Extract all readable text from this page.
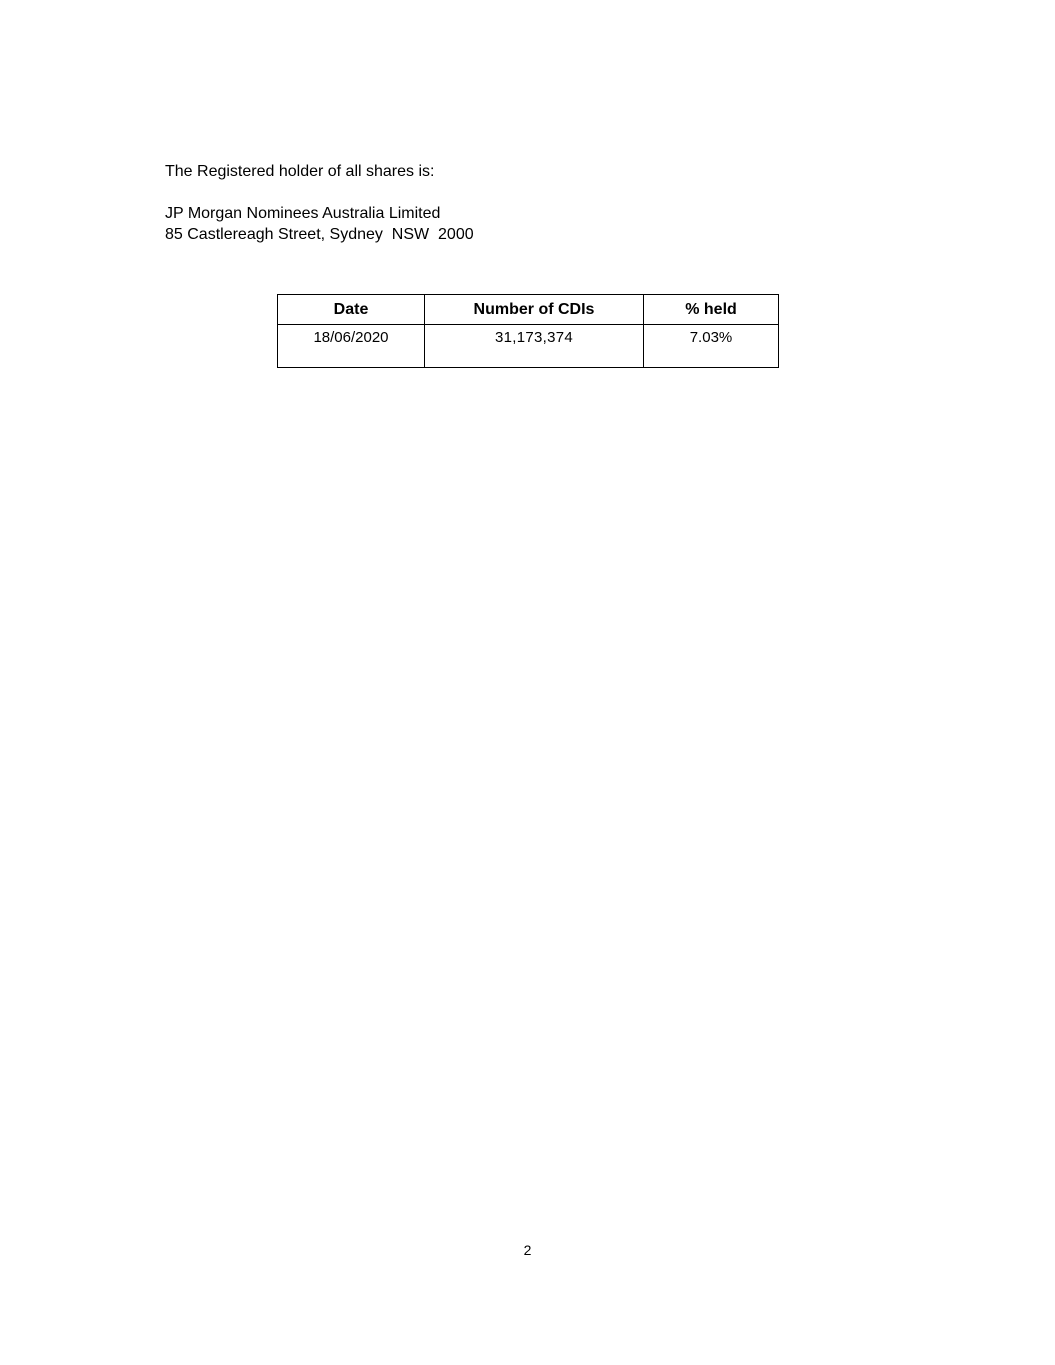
The Registered holder of all shares is:
JP Morgan Nominees Australia Limited
85 Castlereagh Street, Sydney  NSW  2000
Date	Number of CDIs	% held
18/06/2020	31,173,374	7.03%
2
